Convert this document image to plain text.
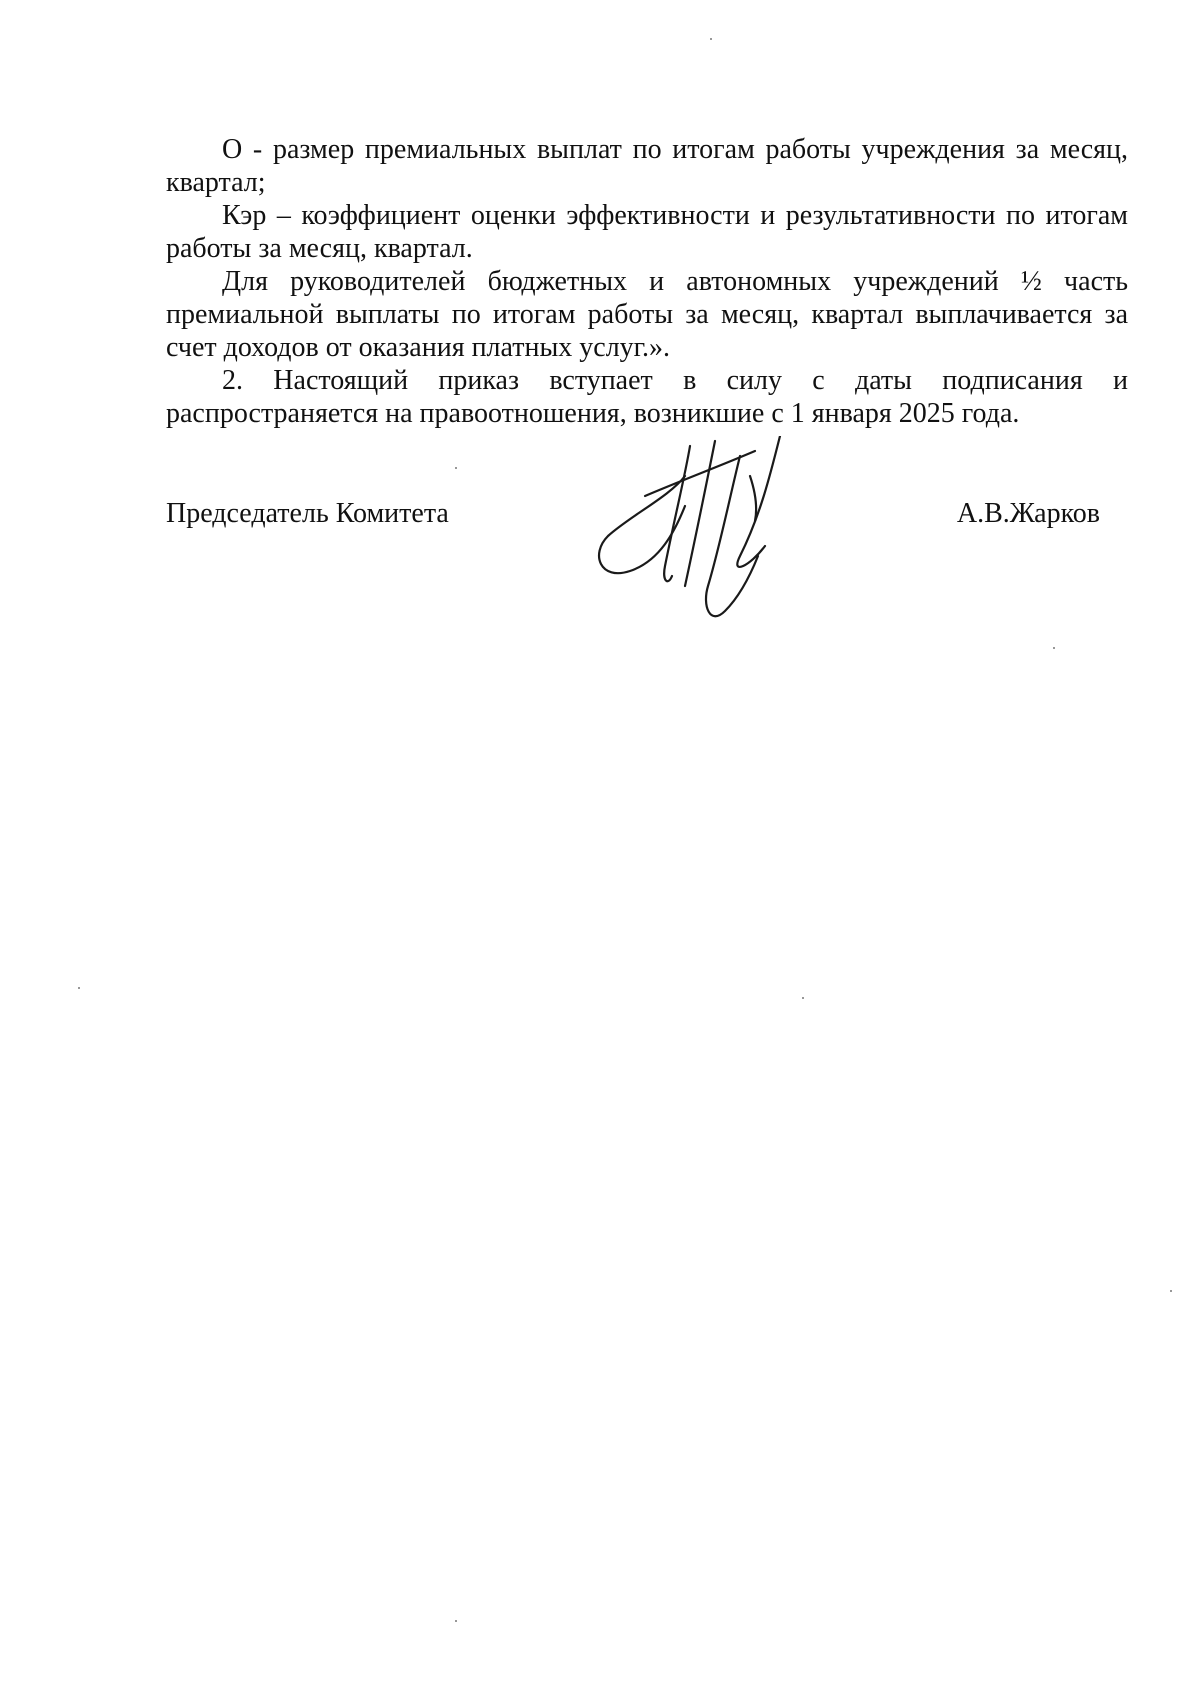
О - размер премиальных выплат по итогам работы учреждения за месяц, квартал;

Кэр – коэффициент оценки эффективности и результативности по итогам работы за месяц, квартал.

Для руководителей бюджетных и автономных учреждений ½ часть премиальной выплаты по итогам работы за месяц, квартал выплачивается за счет доходов от оказания платных услуг.».

2. Настоящий приказ вступает в силу с даты подписания и распространяется на правоотношения, возникшие с 1 января 2025 года.

Председатель Комитета	А.В.Жарков
